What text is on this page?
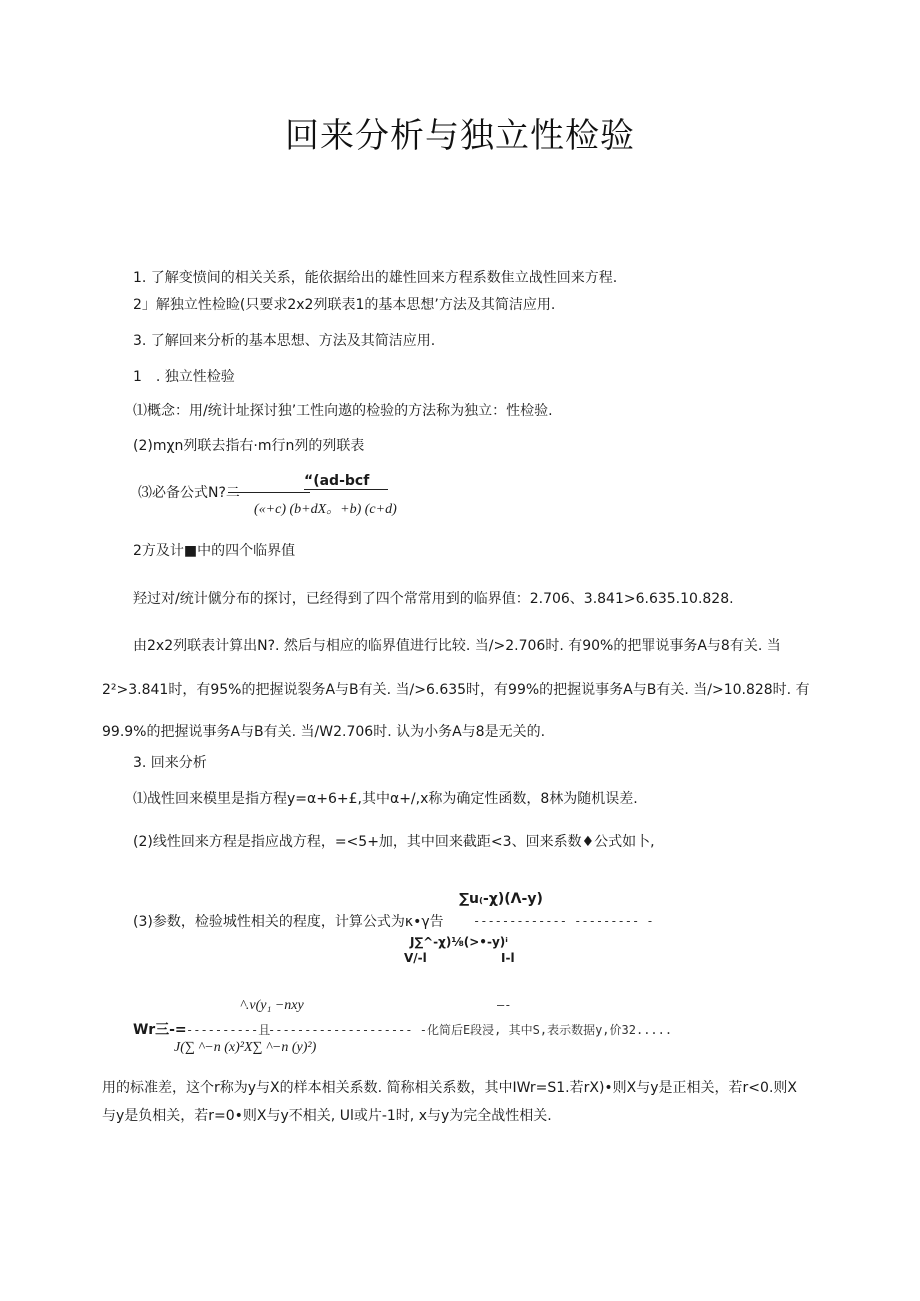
回来分析与独立性检验
1. 了解变愤间的相关关系，能依据给出的雄性回来方程系数隹立战性回来方程.
2」解独立性检睑(只要求2x2列联表1的基本思想’方法及其简洁应用.
3. 了解回来分析的基本思想、方法及其简洁应用.
1　. 独立性检验
⑴概念：用/统计址探讨独’工性向遨的检验的方法称为独立：性检验.
(2)mχn列联去指右·m行n列的列联表
⑶必备公式N?二
“(ad-bcf
(«+c) (b+dX。+b) (c+d)
2方及计■中的四个临界值
羟过对/统计僦分布的探讨，已经得到了四个常常用到的临界值：2.706、3.841>6.635.10.828.
由2x2列联表计算出N?. 然后与相应的临界值进行比较. 当/>2.706时. 有90%的把罪说事务A与8有关. 当
2²>3.841时，有95%的把握说裂务A与B有关. 当/>6.635时，有99%的把握说事务A与B有关. 当/>10.828时. 有
99.9%的把握说事务A与B有关. 当/W2.706时. 认为小务A与8是无关的.
3. 回来分析
⑴战性回来模里是指方程y=α+6+£,其中α+/,x称为确定性函数，8林为随机误差.
(2)线性回来方程是指应战方程，=<5+加，其中回来截距<3、回来系数♦公式如卜,
∑u₍-χ)(Λ-y)
(3)参数，检验城性相关的程度，计算公式为κ•γ告 ------------- --------- -
J∑^-χ)⅛(>•-y)ⁱ
V/-l	I-l
^.v(y₁ −nxy	—-
Wr三-= ----------且
-------------------- -化简后E段浸, 其中S,表示数据y,价32.....
J(∑ ^−n (x)²X∑ ^−n (y)²)
用的标准差，这个r称为y与X的样本相关系数. 简称相关系数，其中IWr=S1.若rX)•则X与y是正相关，若r<0.则X
与y是负相关，若r=0•则X与y不相关, Ul或片-1时, x与y为完全战性相关.
